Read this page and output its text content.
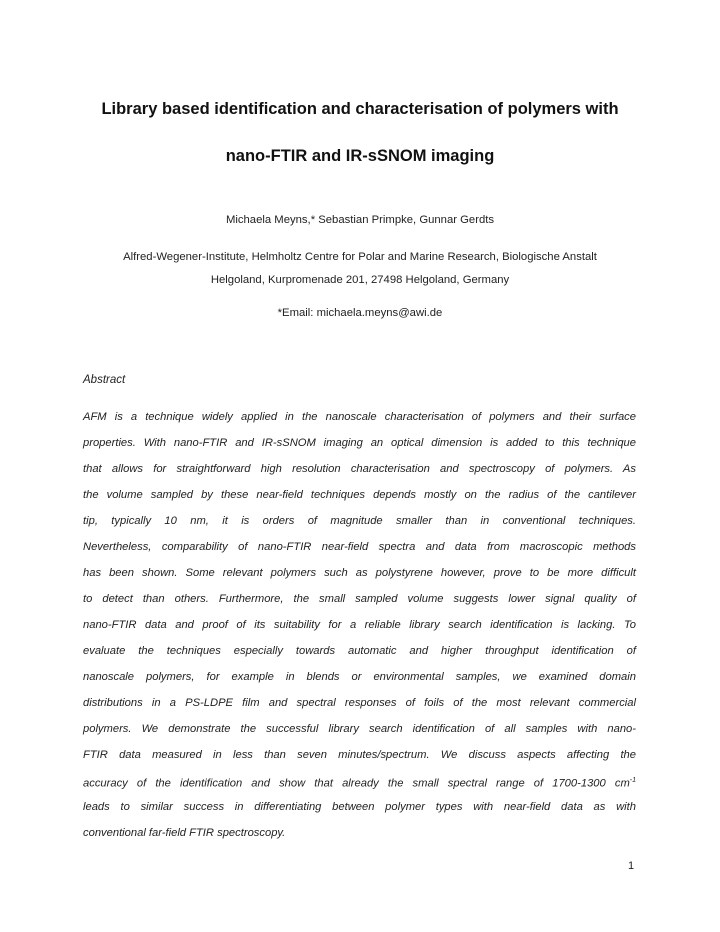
Library based identification and characterisation of polymers with
nano-FTIR and IR-sSNOM imaging
Michaela Meyns,* Sebastian Primpke, Gunnar Gerdts
Alfred-Wegener-Institute, Helmholtz Centre for Polar and Marine Research, Biologische Anstalt
Helgoland, Kurpromenade 201, 27498 Helgoland, Germany
*Email: michaela.meyns@awi.de
Abstract
AFM is a technique widely applied in the nanoscale characterisation of polymers and their surface
properties. With nano-FTIR and IR-sSNOM imaging an optical dimension is added to this technique
that allows for straightforward high resolution characterisation and spectroscopy of polymers. As
the volume sampled by these near-field techniques depends mostly on the radius of the cantilever
tip, typically 10 nm, it is orders of magnitude smaller than in conventional techniques.
Nevertheless, comparability of nano-FTIR near-field spectra and data from macroscopic methods
has been shown. Some relevant polymers such as polystyrene however, prove to be more difficult
to detect than others. Furthermore, the small sampled volume suggests lower signal quality of
nano-FTIR data and proof of its suitability for a reliable library search identification is lacking. To
evaluate the techniques especially towards automatic and higher throughput identification of
nanoscale polymers, for example in blends or environmental samples, we examined domain
distributions in a PS-LDPE film and spectral responses of foils of the most relevant commercial
polymers. We demonstrate the successful library search identification of all samples with nano-
FTIR data measured in less than seven minutes/spectrum. We discuss aspects affecting the
accuracy of the identification and show that already the small spectral range of 1700-1300 $cm^{-1}$
leads to similar success in differentiating between polymer types with near-field data as with
conventional far-field FTIR spectroscopy.
1
